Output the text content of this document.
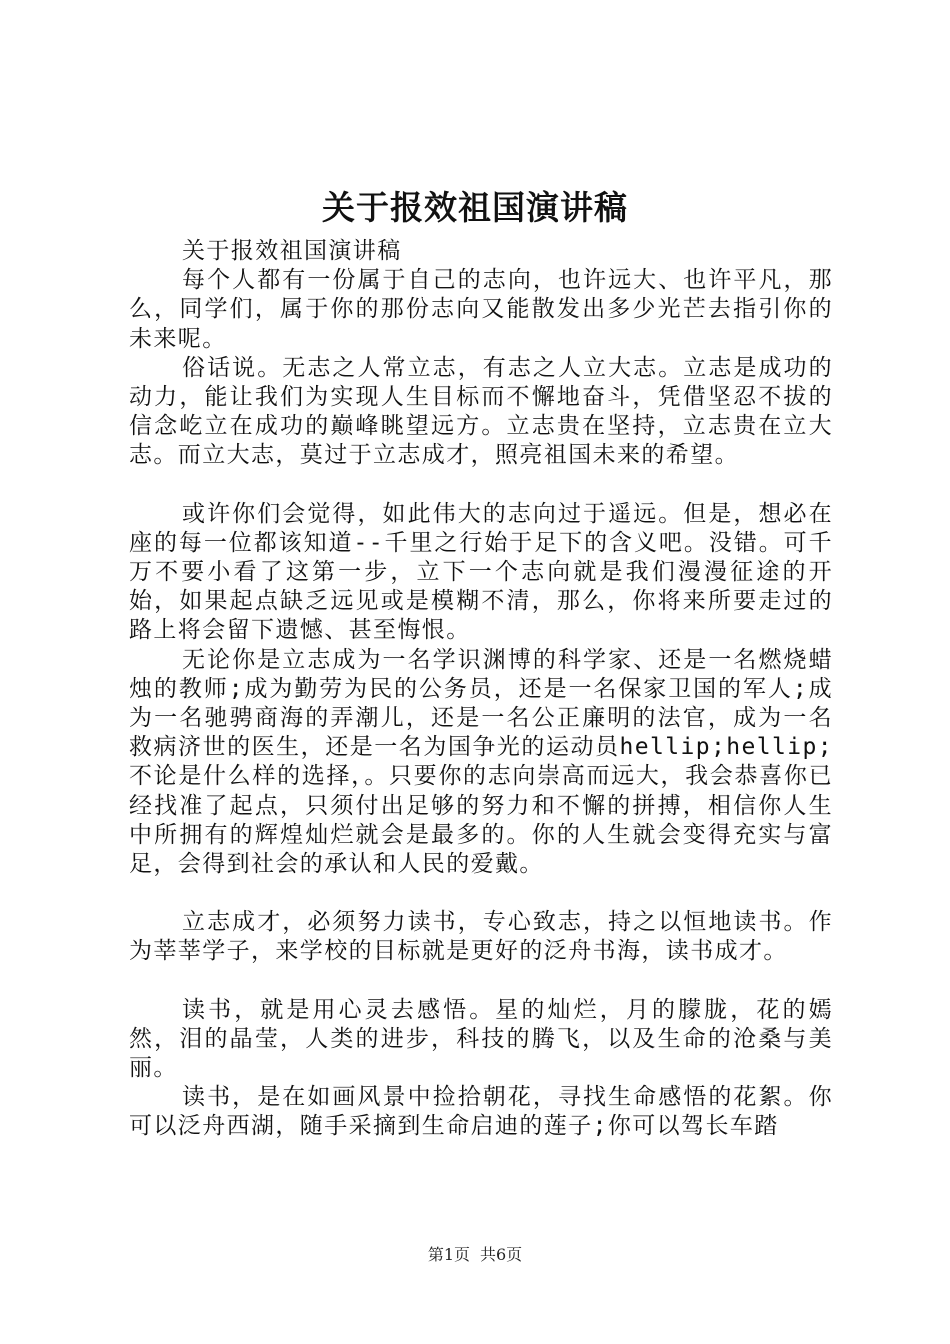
关于报效祖国演讲稿

关于报效祖国演讲稿

每个人都有一份属于自己的志向，也许远大、也许平凡，那么，同学们，属于你的那份志向又能散发出多少光芒去指引你的未来呢。

俗话说。无志之人常立志，有志之人立大志。立志是成功的动力，能让我们为实现人生目标而不懈地奋斗，凭借坚忍不拔的信念屹立在成功的巅峰眺望远方。立志贵在坚持，立志贵在立大志。而立大志，莫过于立志成才，照亮祖国未来的希望。

或许你们会觉得，如此伟大的志向过于遥远。但是，想必在座的每一位都该知道--千里之行始于足下的含义吧。没错。可千万不要小看了这第一步，立下一个志向就是我们漫漫征途的开始，如果起点缺乏远见或是模糊不清，那么，你将来所要走过的路上将会留下遗憾、甚至悔恨。

无论你是立志成为一名学识渊博的科学家、还是一名燃烧蜡烛的教师;成为勤劳为民的公务员，还是一名保家卫国的军人;成为一名驰骋商海的弄潮儿，还是一名公正廉明的法官，成为一名救病济世的医生，还是一名为国争光的运动员hellip;hellip;不论是什么样的选择，。只要你的志向崇高而远大，我会恭喜你已经找准了起点，只须付出足够的努力和不懈的拼搏，相信你人生中所拥有的辉煌灿烂就会是最多的。你的人生就会变得充实与富足，会得到社会的承认和人民的爱戴。

立志成才，必须努力读书，专心致志，持之以恒地读书。作为莘莘学子，来学校的目标就是更好的泛舟书海，读书成才。

读书，就是用心灵去感悟。星的灿烂，月的朦胧，花的嫣然，泪的晶莹，人类的进步，科技的腾飞，以及生命的沧桑与美丽。

读书，是在如画风景中捡拾朝花，寻找生命感悟的花絮。你可以泛舟西湖，随手采摘到生命启迪的莲子;你可以驾长车踏

第1页 共6页
